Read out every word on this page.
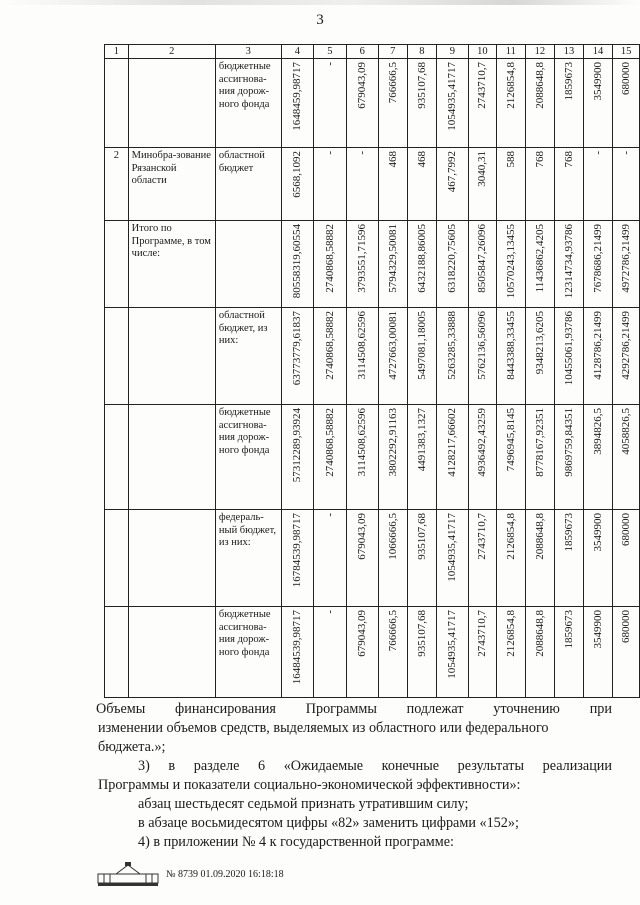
3
1	2	3	4	5	6	7	8	9	10	11	12	13	14	15

		бюджетные ассигнова-ния дорож-ного фонда	1648459,98717	-	679043,09	766666,5	935107,68	1054935,41717	2743710,7	2126854,8	2088648,8	1859673	3549900	680000

2	Минобра-зование Рязанской области	областной бюджет	6568,1092	-	-	468	468	467,7992	3040,31	588	768	768	-	-

	Итого по Программе, в том числе:		80558319,60554	2740868,58882	3793551,71596	5794329,50081	6432188,86005	6318220,75605	8505847,26096	10570243,13455	11436862,4205	12314734,93786	7678686,21499	4972786,21499

		областной бюджет, из них:	63773779,61837	2740868,58882	3114508,62596	4727663,00081	5497081,18005	5263285,33888	5762136,56096	8443388,33455	9348213,6205	10455061,93786	4128786,21499	4292786,21499

		бюджетные ассигнова-ния дорож-ного фонда	57312289,93924	2740868,58882	3114508,62596	3802292,91163	4491383,1327	4128217,66602	4936492,43259	7496945,8145	8778167,92351	9869759,84351	3894826,5	4058826,5

		федераль-ный бюджет, из них:	16784539,98717	-	679043,09	1066666,5	935107,68	1054935,41717	2743710,7	2126854,8	2088648,8	1859673	3549900	680000

		бюджетные ассигнова-ния дорож-ного фонда	16484539,98717	-	679043,09	766666,5	935107,68	1054935,41717	2743710,7	2126854,8	2088648,8	1859673	3549900	680000
Объемы финансирования Программы подлежат уточнению при
изменении объемов средств, выделяемых из областного или федерального
бюджета.»;
3) в разделе 6 «Ожидаемые конечные результаты реализации
Программы и показатели социально-экономической эффективности»:
абзац шестьдесят седьмой признать утратившим силу;
в абзаце восьмидесятом цифры «82» заменить цифрами «152»;
4) в приложении № 4 к государственной программе:
№ 8739 01.09.2020 16:18:18
